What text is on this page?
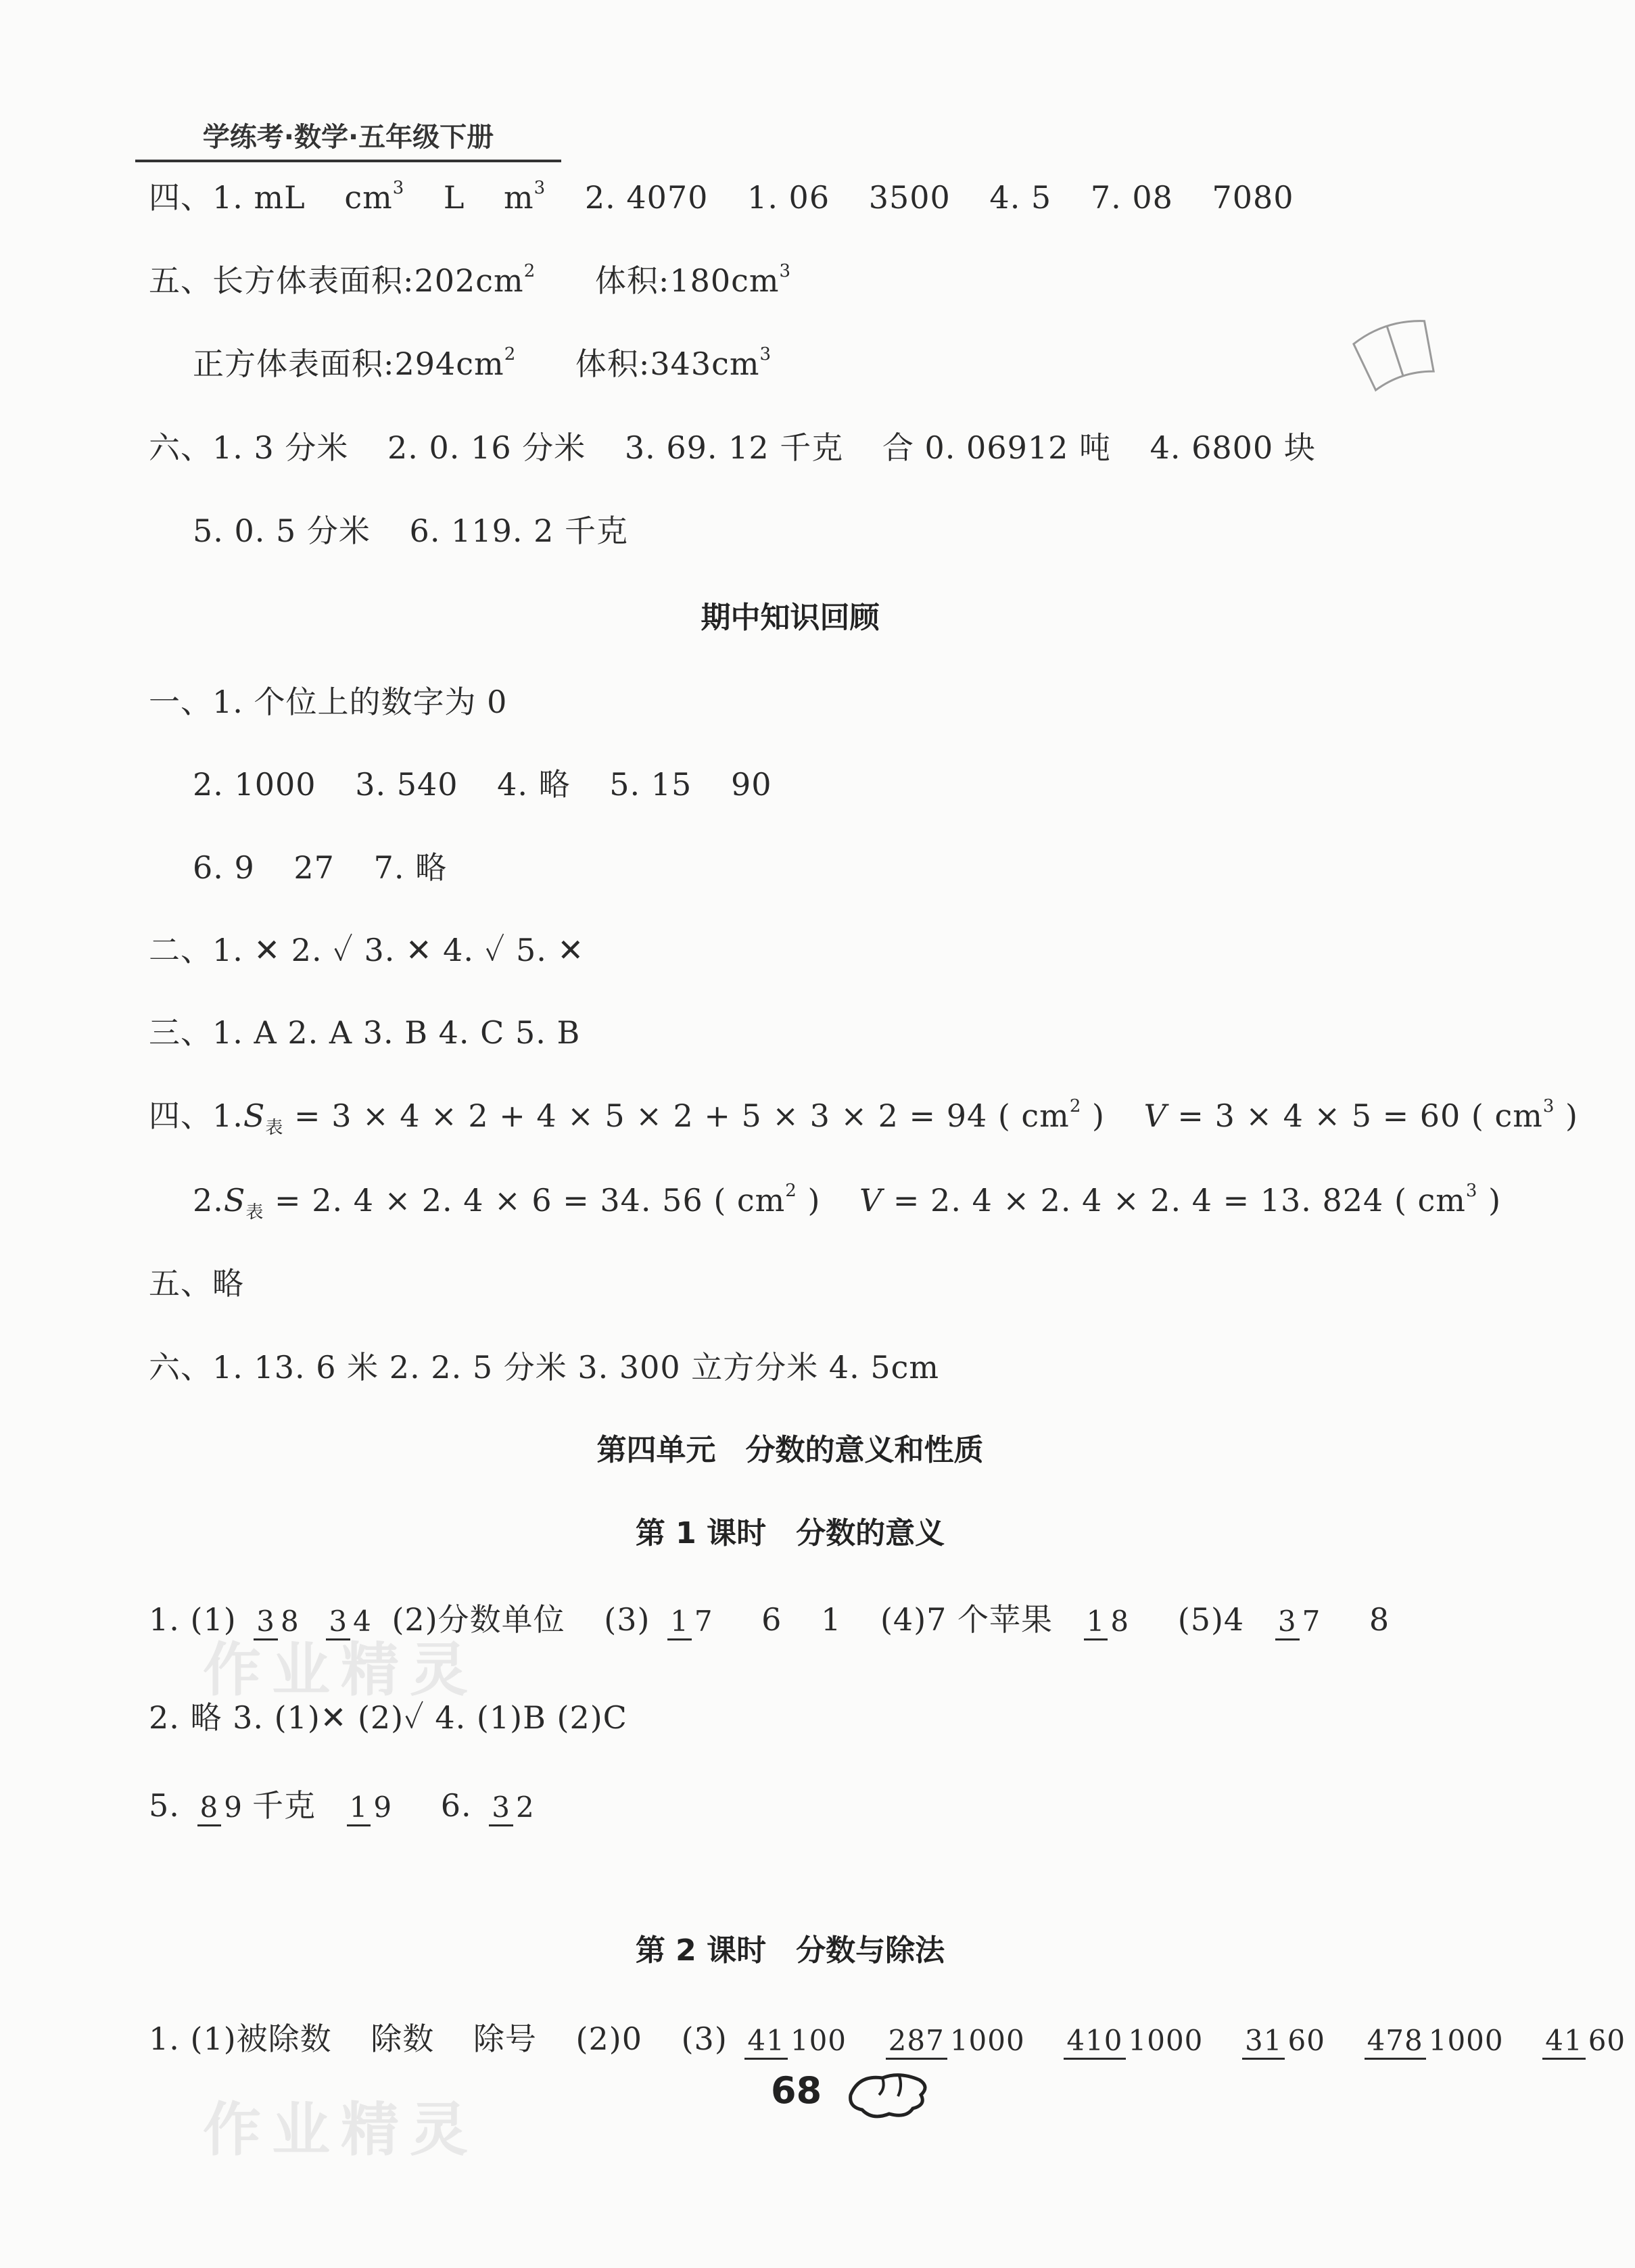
学练考·数学·五年级下册
四、1. mL $cm^3$ L $m^3$ 2. 4070 1. 06 3500 4. 5 7. 08 7080
五、长方体表面积$:202cm^2$ 体积$:180cm^3$
正方体表面积$:294cm^2$ 体积$:343cm^3$
六、1. 3 分米 2. 0. 16 分米 3. 69. 12 千克 合 0. 06912 吨 4. 6800 块
5. 0. 5 分米 6. 119. 2 千克
期中知识回顾
一、1. 个位上的数字为 0
2. 1000 3. 540 4. 略 5. 15 90
6. 9 27 7. 略
二、1. ✕ 2. ✓ 3. ✕ 4. ✓ 5. ✕
三、1. A 2. A 3. B 4. C 5. B
四、$1.S_表 = 3 \times 4 \times 2 + 4 \times 5 \times 2 + 5 \times 3 \times 2 = 94$ ( $cm^2$ ) V = 3 × 4 × 5 = 60 ( $cm^3$ )
$2.S_表 = 2$. 4 × 2. 4 × 6 = 34. 56 ( $cm^2$ ) V = 2. 4 × 2. 4 × 2. 4 = 13. 824 ( $cm^3$ )
五、略
六、1. 13. 6 米 2. 2. 5 分米 3. 300 立方分米 4. 5cm
第四单元　分数的意义和性质
第 1 课时　分数的意义
1. (1) 3 8 3 4 (2)分数单位 (3) 1 7 6 1 (4)7 个苹果 1 8 (5)4 3 7 8
2. 略 3. (1)✕ (2)✓ 4. (1)B (2)C
5. 8 9 千克 1 9 6. 3 2
第 2 课时　分数与除法
1. (1)被除数 除数 除号 (2)0 (3) 41 100 287 1000 410 1000 31 60 478 1000 41 60
作业精灵
作业精灵
68
